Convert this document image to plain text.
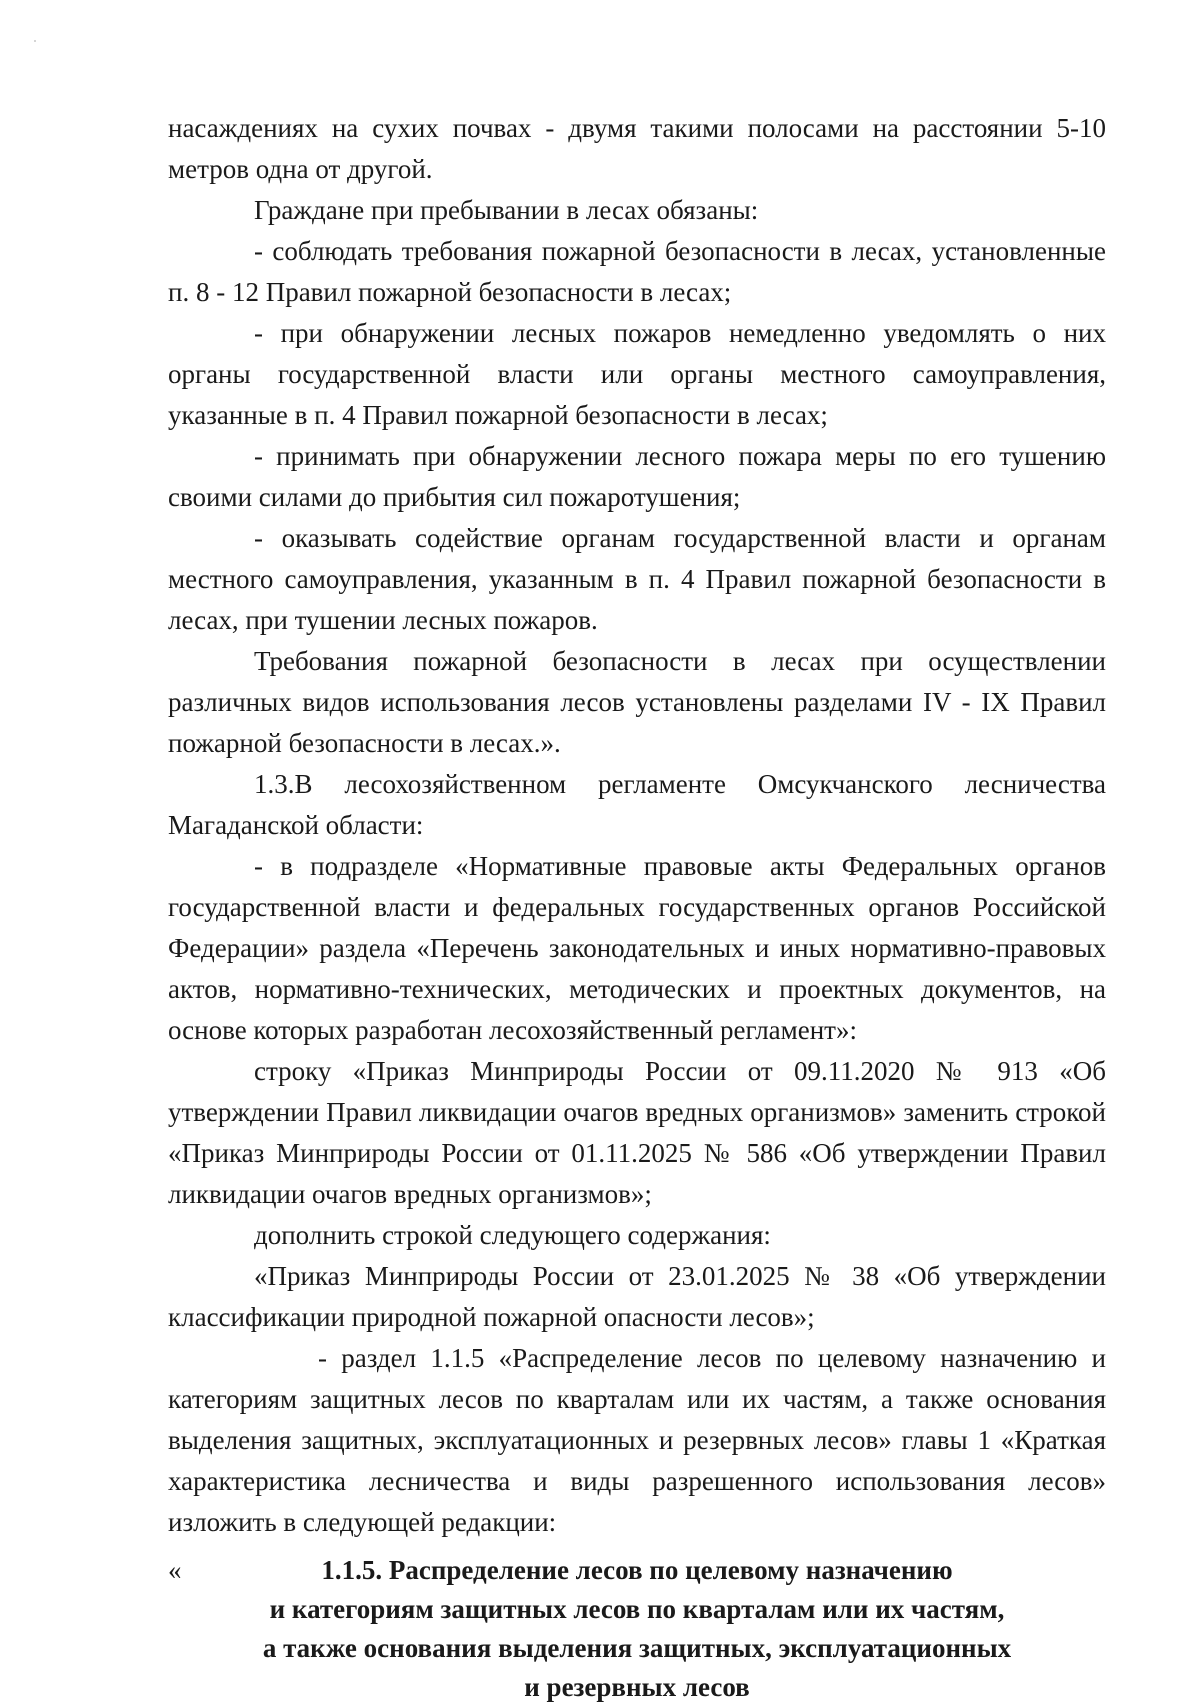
насаждениях на сухих почвах - двумя такими полосами на расстоянии 5-10 метров одна от другой.

Граждане при пребывании в лесах обязаны:

- соблюдать требования пожарной безопасности в лесах, установленные п. 8 - 12 Правил пожарной безопасности в лесах;

- при обнаружении лесных пожаров немедленно уведомлять о них органы государственной власти или органы местного самоуправления, указанные в п. 4 Правил пожарной безопасности в лесах;

- принимать при обнаружении лесного пожара меры по его тушению своими силами до прибытия сил пожаротушения;

- оказывать содействие органам государственной власти и органам местного самоуправления, указанным в п. 4 Правил пожарной безопасности в лесах, при тушении лесных пожаров.

Требования пожарной безопасности в лесах при осуществлении различных видов использования лесов установлены разделами IV - IX Правил пожарной безопасности в лесах.».

1.3.В лесохозяйственном регламенте Омсукчанского лесничества Магаданской области:

- в подразделе «Нормативные правовые акты Федеральных органов государственной власти и федеральных государственных органов Российской Федерации» раздела «Перечень законодательных и иных нормативно-правовых актов, нормативно-технических, методических и проектных документов, на основе которых разработан лесохозяйственный регламент»:

строку «Приказ Минприроды России от 09.11.2020 № 913 «Об утверждении Правил ликвидации очагов вредных организмов» заменить строкой «Приказ Минприроды России от 01.11.2025 № 586 «Об утверждении Правил ликвидации очагов вредных организмов»;

дополнить строкой следующего содержания:

«Приказ Минприроды России от 23.01.2025 № 38 «Об утверждении классификации природной пожарной опасности лесов»;

- раздел 1.1.5 «Распределение лесов по целевому назначению и категориям защитных лесов по кварталам или их частям, а также основания выделения защитных, эксплуатационных и резервных лесов» главы 1 «Краткая характеристика лесничества и виды разрешенного использования лесов» изложить в следующей редакции:

«	1.1.5. Распределение лесов по целевому назначению
и категориям защитных лесов по кварталам или их частям,
а также основания выделения защитных, эксплуатационных
и резервных лесов
